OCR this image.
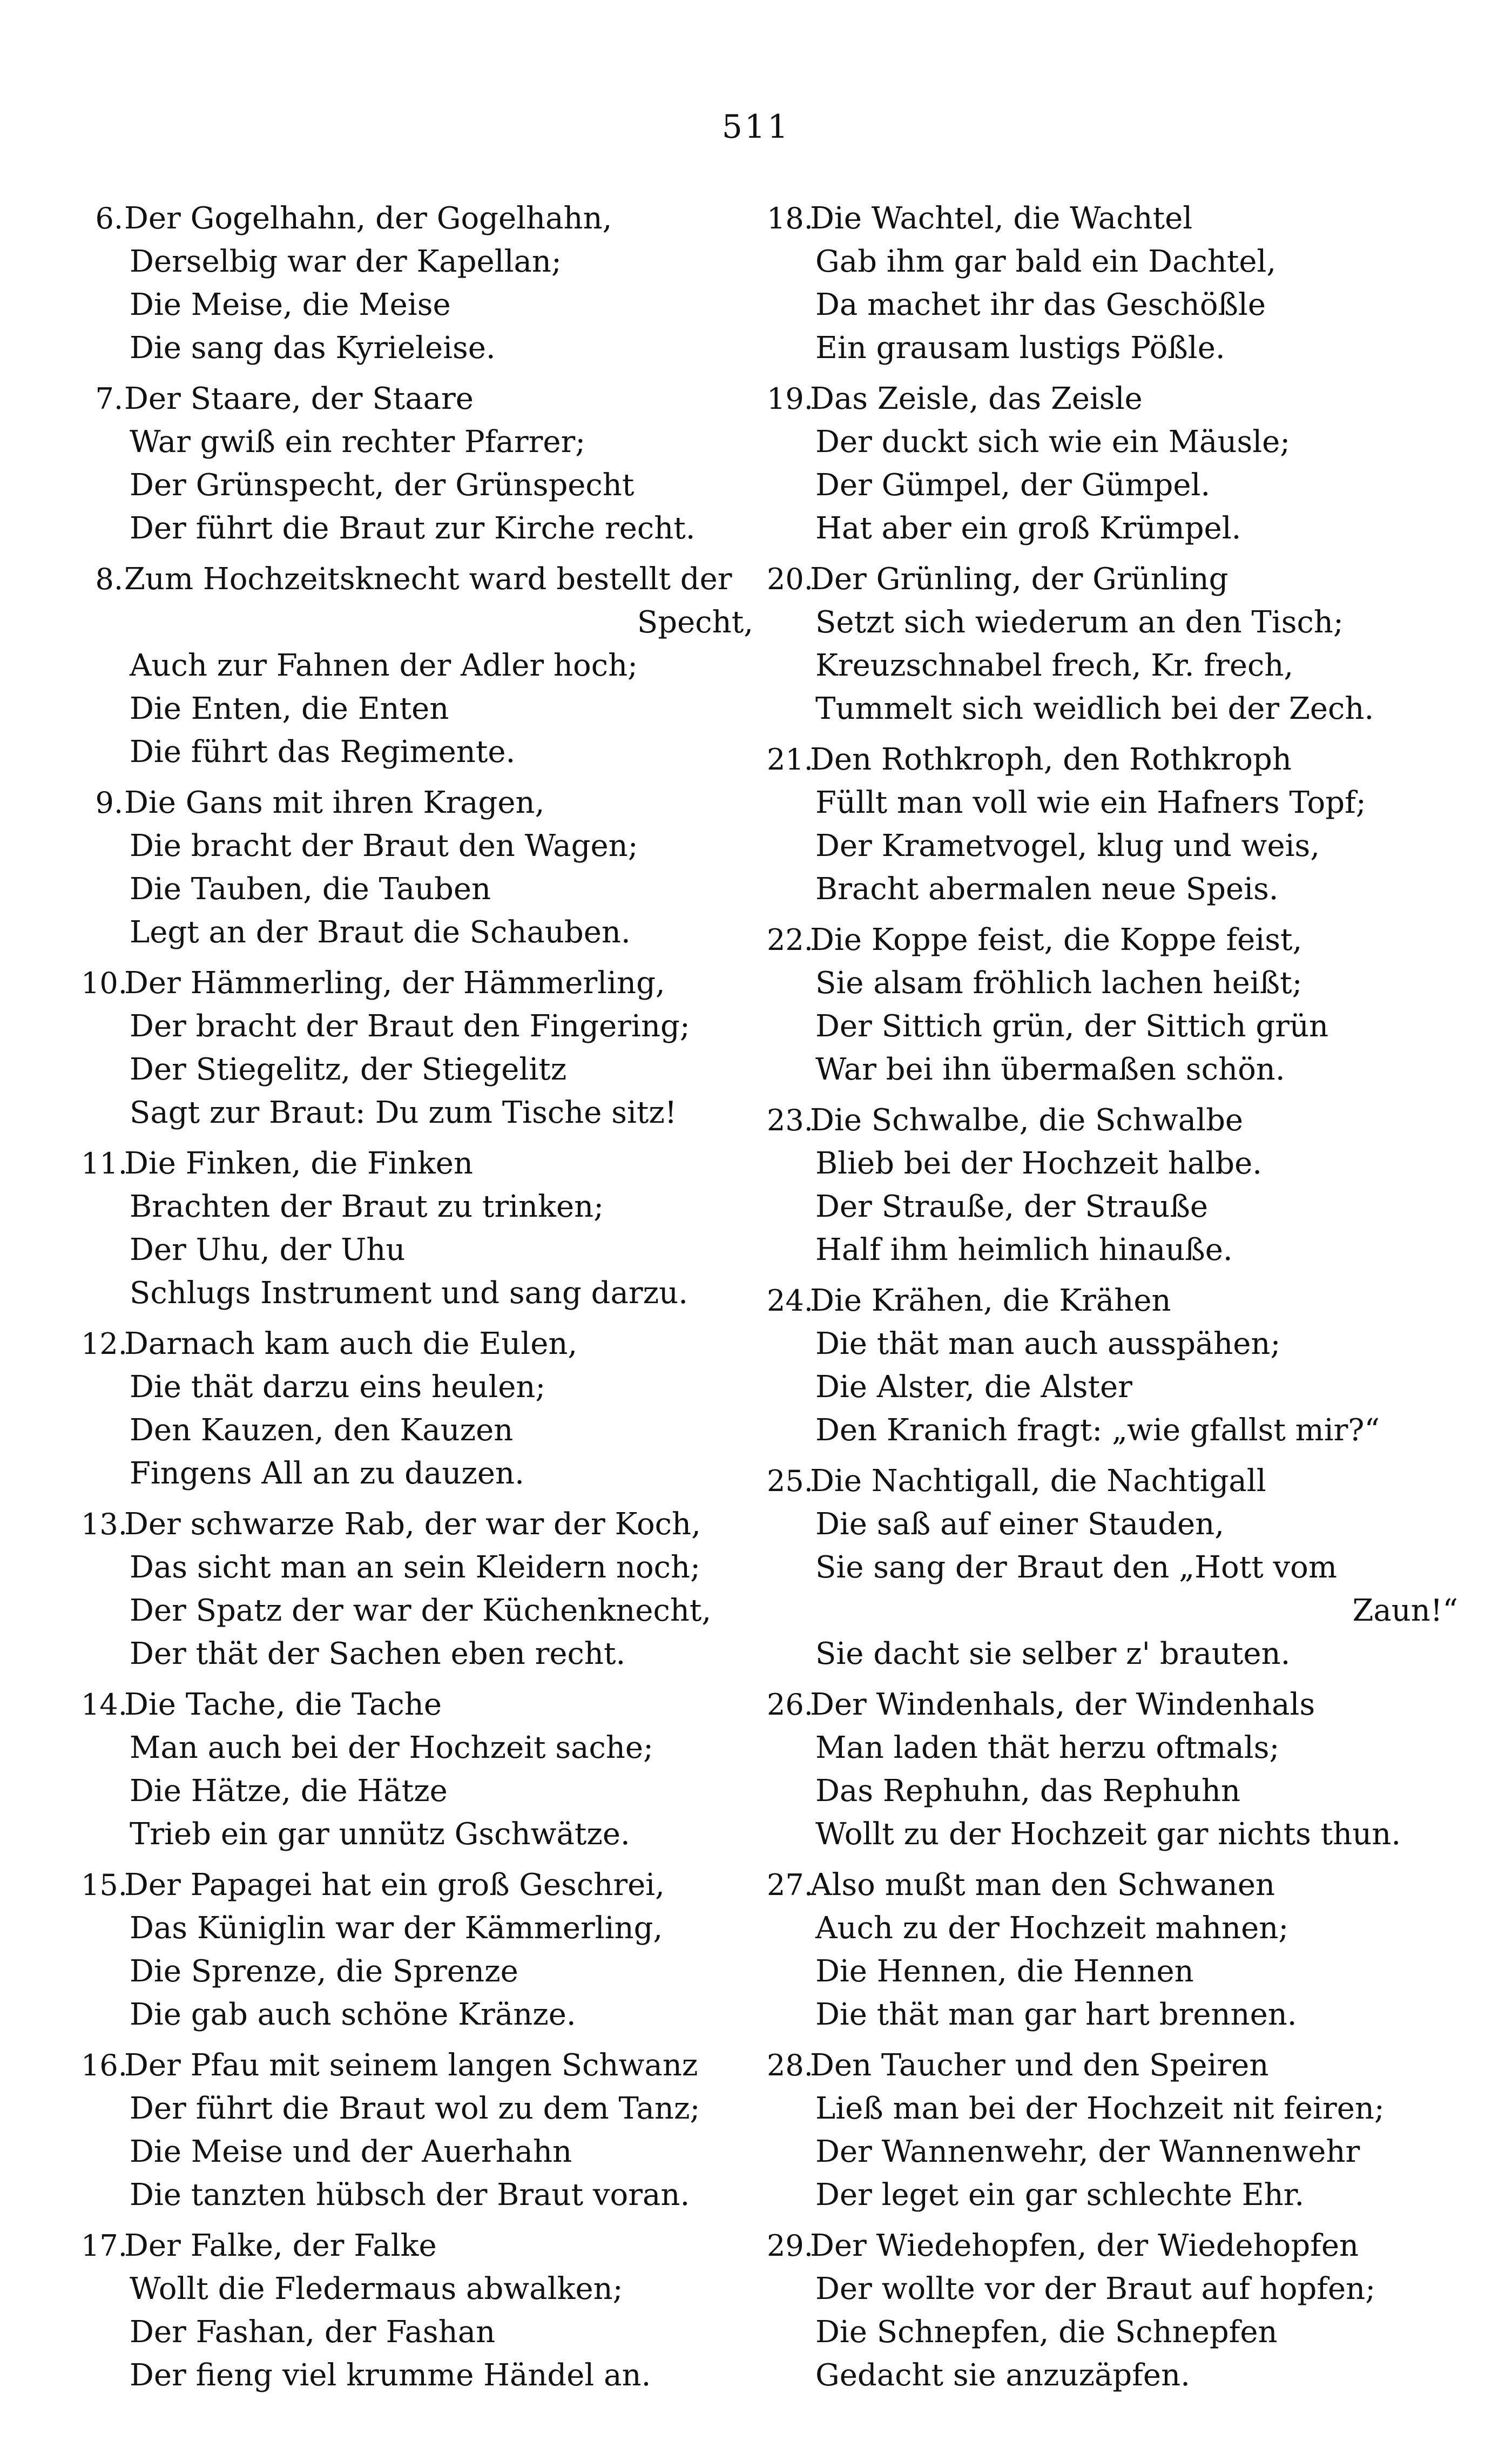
511
6. Der Gogelhahn, der Gogelhahn,
Derselbig war der Kapellan;
Die Meise, die Meise
Die sang das Kyrieleise.
7. Der Staare, der Staare
War gwiß ein rechter Pfarrer;
Der Grünspecht, der Grünspecht
Der führt die Braut zur Kirche recht.
8. Zum Hochzeitsknecht ward bestellt der
Specht,
Auch zur Fahnen der Adler hoch;
Die Enten, die Enten
Die führt das Regimente.
9. Die Gans mit ihren Kragen,
Die bracht der Braut den Wagen;
Die Tauben, die Tauben
Legt an der Braut die Schauben.
10.
Der Hämmerling, der Hämmerling,
Der bracht der Braut den Fingering;
Der Stiegelitz, der Stiegelitz
Sagt zur Braut: Du zum Tische sitz!
11.
Die Finken, die Finken
Brachten der Braut zu trinken;
Der Uhu, der Uhu
Schlugs Instrument und sang darzu.
12.
Darnach kam auch die Eulen,
Die thät darzu eins heulen;
Den Kauzen, den Kauzen
Fingens All an zu dauzen.
13.
Der schwarze Rab, der war der Koch,
Das sicht man an sein Kleidern noch;
Der Spatz der war der Küchenknecht,
Der thät der Sachen eben recht.
14.
Die Tache, die Tache
Man auch bei der Hochzeit sache;
Die Hätze, die Hätze
Trieb ein gar unnütz Gschwätze.
15.
Der Papagei hat ein groß Geschrei,
Das Küniglin war der Kämmerling,
Die Sprenze, die Sprenze
Die gab auch schöne Kränze.
16.
Der Pfau mit seinem langen Schwanz
Der führt die Braut wol zu dem Tanz;
Die Meise und der Auerhahn
Die tanzten hübsch der Braut voran.
17.
Der Falke, der Falke
Wollt die Fledermaus abwalken;
Der Fashan, der Fashan
Der fieng viel krumme Händel an.
18.
Die Wachtel, die Wachtel
Gab ihm gar bald ein Dachtel,
Da machet ihr das Geschößle
Ein grausam lustigs Pößle.
19.
Das Zeisle, das Zeisle
Der duckt sich wie ein Mäusle;
Der Gümpel, der Gümpel.
Hat aber ein groß Krümpel.
20.
Der Grünling, der Grünling
Setzt sich wiederum an den Tisch;
Kreuzschnabel frech, Kr. frech,
Tummelt sich weidlich bei der Zech.
21.
Den Rothkroph, den Rothkroph
Füllt man voll wie ein Hafners Topf;
Der Krametvogel, klug und weis,
Bracht abermalen neue Speis.
22.
Die Koppe feist, die Koppe feist,
Sie alsam fröhlich lachen heißt;
Der Sittich grün, der Sittich grün
War bei ihn übermaßen schön.
23.
Die Schwalbe, die Schwalbe
Blieb bei der Hochzeit halbe.
Der Strauße, der Strauße
Half ihm heimlich hinauße.
24.
Die Krähen, die Krähen
Die thät man auch ausspähen;
Die Alster, die Alster
Den Kranich fragt: „wie gfallst mir?“
25.
Die Nachtigall, die Nachtigall
Die saß auf einer Stauden,
Sie sang der Braut den „Hott vom
Zaun!“
Sie dacht sie selber z' brauten.
26.
Der Windenhals, der Windenhals
Man laden thät herzu oftmals;
Das Rephuhn, das Rephuhn
Wollt zu der Hochzeit gar nichts thun.
27.
Also mußt man den Schwanen
Auch zu der Hochzeit mahnen;
Die Hennen, die Hennen
Die thät man gar hart brennen.
28.
Den Taucher und den Speiren
Ließ man bei der Hochzeit nit feiren;
Der Wannenwehr, der Wannenwehr
Der leget ein gar schlechte Ehr.
29.
Der Wiedehopfen, der Wiedehopfen
Der wollte vor der Braut auf hopfen;
Die Schnepfen, die Schnepfen
Gedacht sie anzuzäpfen.
